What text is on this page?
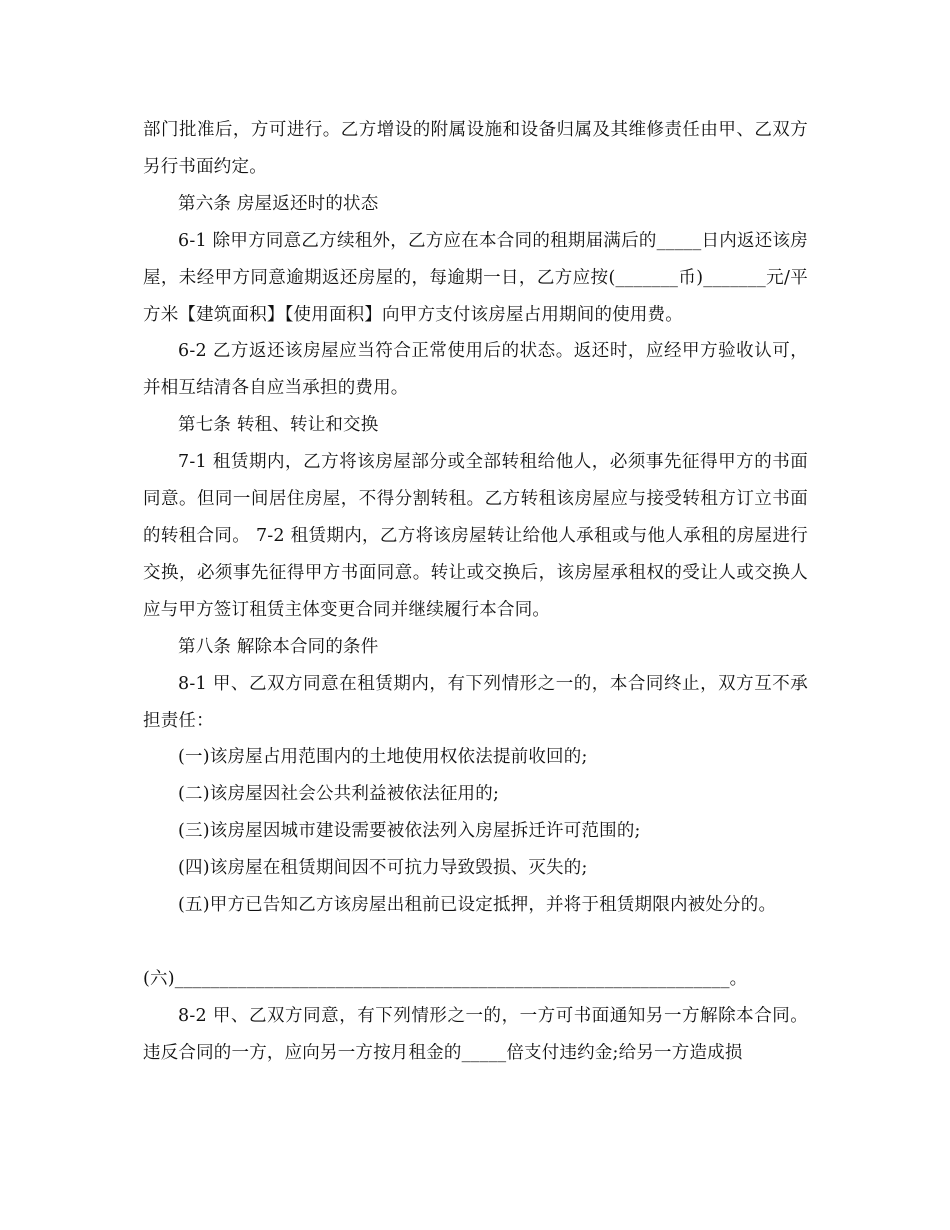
部门批准后，方可进行。乙方增设的附属设施和设备归属及其维修责任由甲、乙双方另行书面约定。

第六条 房屋返还时的状态

6-1 除甲方同意乙方续租外，乙方应在本合同的租期届满后的_____日内返还该房屋，未经甲方同意逾期返还房屋的，每逾期一日，乙方应按(_______币)_______元/平方米【建筑面积】【使用面积】向甲方支付该房屋占用期间的使用费。

6-2 乙方返还该房屋应当符合正常使用后的状态。返还时，应经甲方验收认可，并相互结清各自应当承担的费用。

第七条 转租、转让和交换

7-1 租赁期内，乙方将该房屋部分或全部转租给他人，必须事先征得甲方的书面同意。但同一间居住房屋，不得分割转租。乙方转租该房屋应与接受转租方订立书面的转租合同。 7-2 租赁期内，乙方将该房屋转让给他人承租或与他人承租的房屋进行交换，必须事先征得甲方书面同意。转让或交换后，该房屋承租权的受让人或交换人应与甲方签订租赁主体变更合同并继续履行本合同。

第八条 解除本合同的条件

8-1 甲、乙双方同意在租赁期内，有下列情形之一的，本合同终止，双方互不承担责任：

(一)该房屋占用范围内的土地使用权依法提前收回的;

(二)该房屋因社会公共利益被依法征用的;

(三)该房屋因城市建设需要被依法列入房屋拆迁许可范围的;

(四)该房屋在租赁期间因不可抗力导致毁损、灭失的;

(五)甲方已告知乙方该房屋出租前已设定抵押，并将于租赁期限内被处分的。

(六)______________________________________________________________。

8-2 甲、乙双方同意，有下列情形之一的，一方可书面通知另一方解除本合同。违反合同的一方，应向另一方按月租金的_____倍支付违约金;给另一方造成损
